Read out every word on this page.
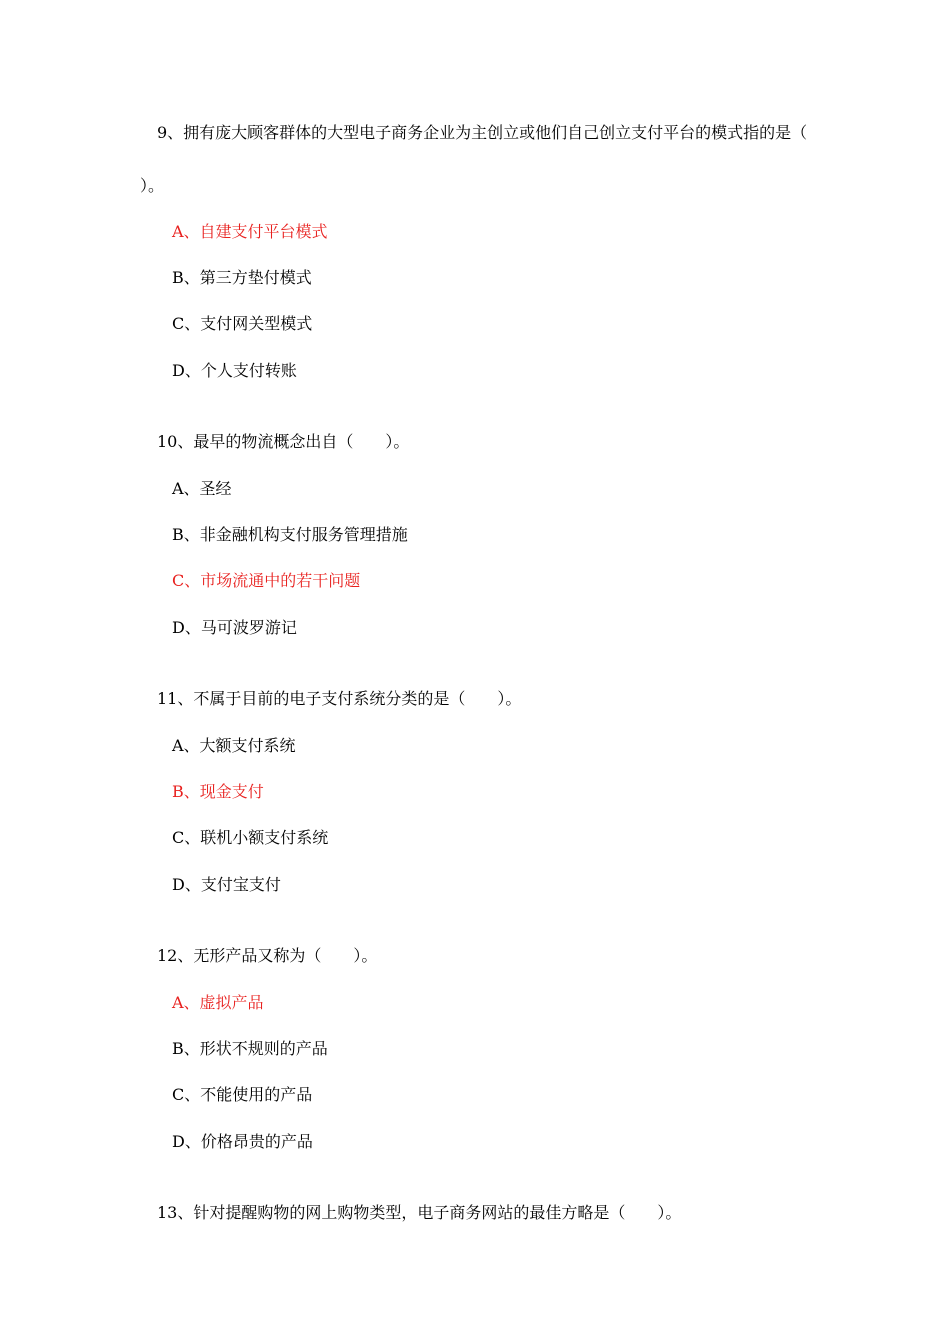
9、拥有庞大顾客群体的大型电子商务企业为主创立或他们自己创立支付平台的模式指的是（
）。
A、自建支付平台模式
B、第三方垫付模式
C、支付网关型模式
D、个人支付转账
10、最早的物流概念出自（　　）。
A、圣经
B、非金融机构支付服务管理措施
C、市场流通中的若干问题
D、马可波罗游记
11、不属于目前的电子支付系统分类的是（　　）。
A、大额支付系统
B、现金支付
C、联机小额支付系统
D、支付宝支付
12、无形产品又称为（　　）。
A、虚拟产品
B、形状不规则的产品
C、不能使用的产品
D、价格昂贵的产品
13、针对提醒购物的网上购物类型，电子商务网站的最佳方略是（　　）。
